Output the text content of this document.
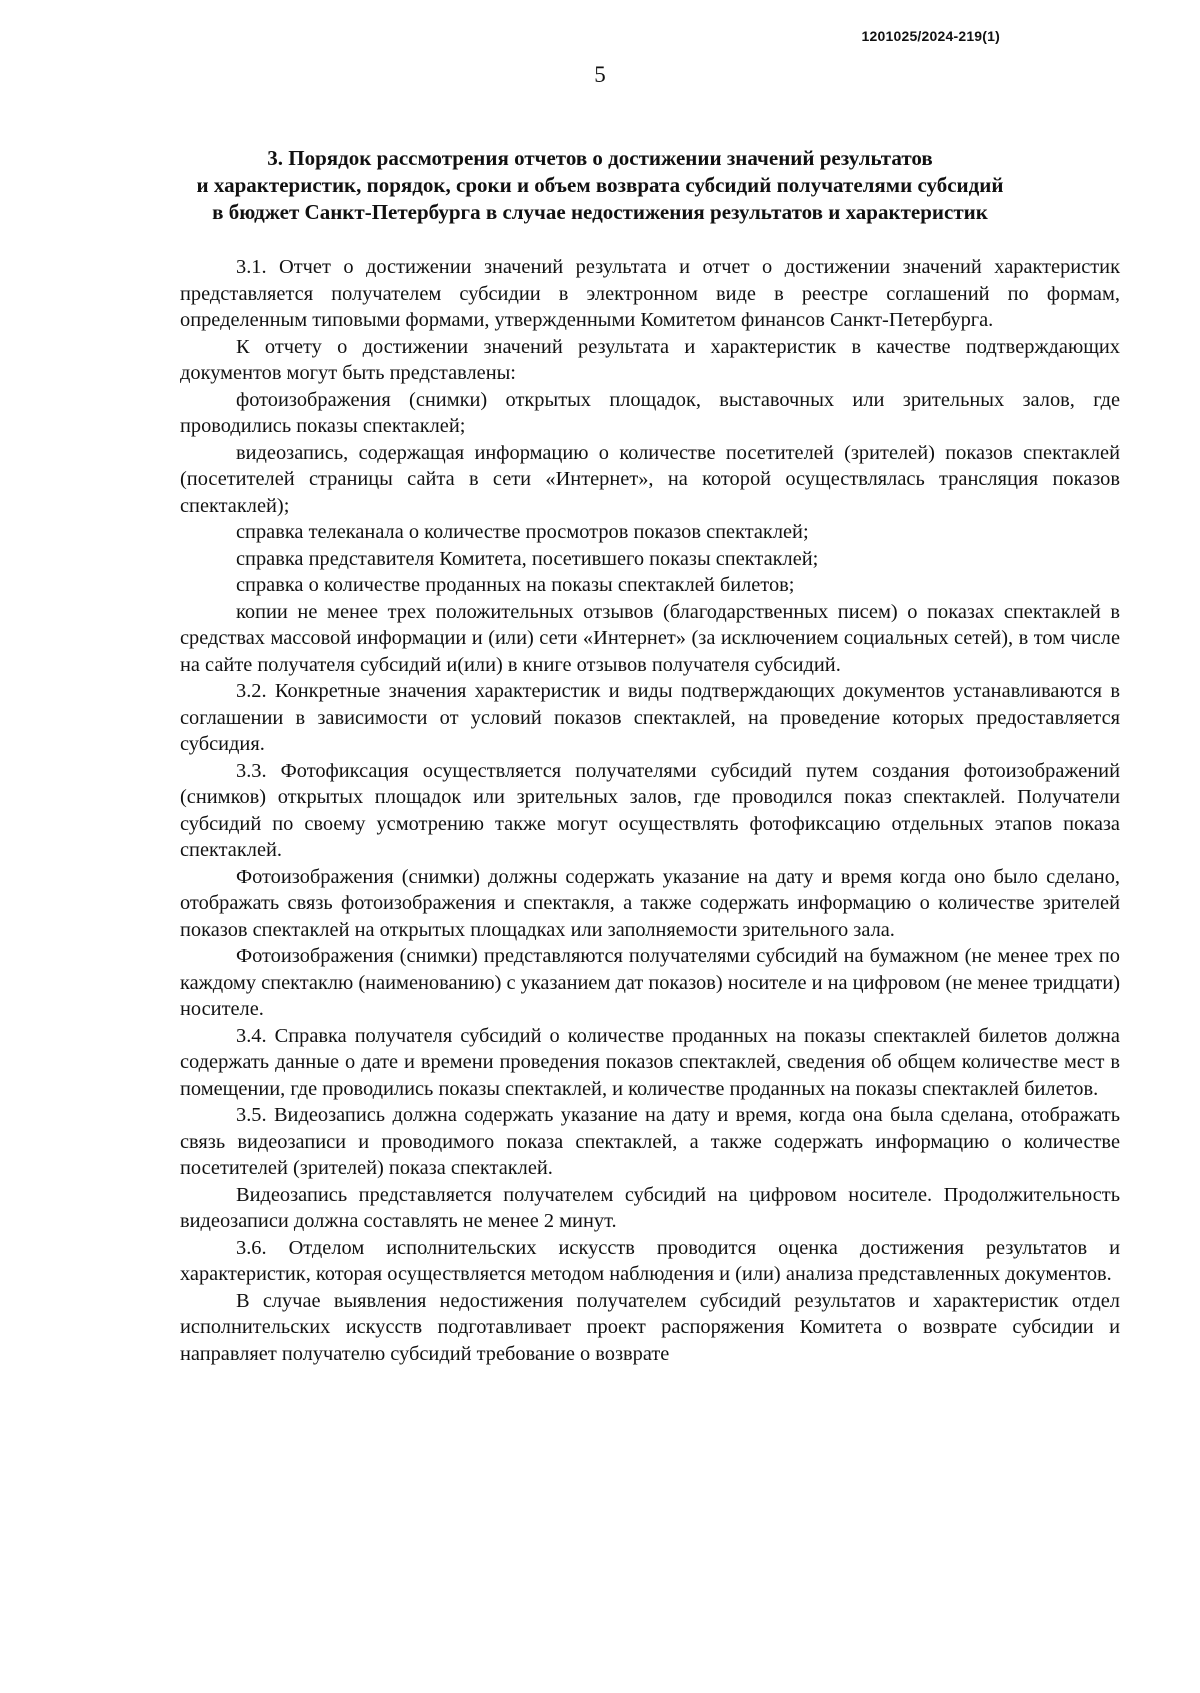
1201025/2024-219(1)
5
3. Порядок рассмотрения отчетов о достижении значений результатов
и характеристик, порядок, сроки и объем возврата субсидий получателями субсидий
в бюджет Санкт-Петербурга в случае недостижения результатов и характеристик

3.1. Отчет о достижении значений результата и отчет о достижении значений характеристик представляется получателем субсидии в электронном виде в реестре соглашений по формам, определенным типовыми формами, утвержденными Комитетом финансов Санкт-Петербурга.

К отчету о достижении значений результата и характеристик в качестве подтверждающих документов могут быть представлены:

фотоизображения (снимки) открытых площадок, выставочных или зрительных залов, где проводились показы спектаклей;

видеозапись, содержащая информацию о количестве посетителей (зрителей) показов спектаклей (посетителей страницы сайта в сети «Интернет», на которой осуществлялась трансляция показов спектаклей);

справка телеканала о количестве просмотров показов спектаклей;

справка представителя Комитета, посетившего показы спектаклей;

справка о количестве проданных на показы спектаклей билетов;

копии не менее трех положительных отзывов (благодарственных писем) о показах спектаклей в средствах массовой информации и (или) сети «Интернет» (за исключением социальных сетей), в том числе на сайте получателя субсидий и(или) в книге отзывов получателя субсидий.

3.2. Конкретные значения характеристик и виды подтверждающих документов устанавливаются в соглашении в зависимости от условий показов спектаклей, на проведение которых предоставляется субсидия.

3.3. Фотофиксация осуществляется получателями субсидий путем создания фотоизображений (снимков) открытых площадок или зрительных залов, где проводился показ спектаклей. Получатели субсидий по своему усмотрению также могут осуществлять фотофиксацию отдельных этапов показа спектаклей.

Фотоизображения (снимки) должны содержать указание на дату и время когда оно было сделано, отображать связь фотоизображения и спектакля, а также содержать информацию о количестве зрителей показов спектаклей на открытых площадках или заполняемости зрительного зала.

Фотоизображения (снимки) представляются получателями субсидий на бумажном (не менее трех по каждому спектаклю (наименованию) с указанием дат показов) носителе и на цифровом (не менее тридцати) носителе.

3.4. Справка получателя субсидий о количестве проданных на показы спектаклей билетов должна содержать данные о дате и времени проведения показов спектаклей, сведения об общем количестве мест в помещении, где проводились показы спектаклей, и количестве проданных на показы спектаклей билетов.

3.5. Видеозапись должна содержать указание на дату и время, когда она была сделана, отображать связь видеозаписи и проводимого показа спектаклей, а также содержать информацию о количестве посетителей (зрителей) показа спектаклей.

Видеозапись представляется получателем субсидий на цифровом носителе. Продолжительность видеозаписи должна составлять не менее 2 минут.

3.6. Отделом исполнительских искусств проводится оценка достижения результатов и характеристик, которая осуществляется методом наблюдения и (или) анализа представленных документов.

В случае выявления недостижения получателем субсидий результатов и характеристик отдел исполнительских искусств подготавливает проект распоряжения Комитета о возврате субсидии и направляет получателю субсидий требование о возврате
